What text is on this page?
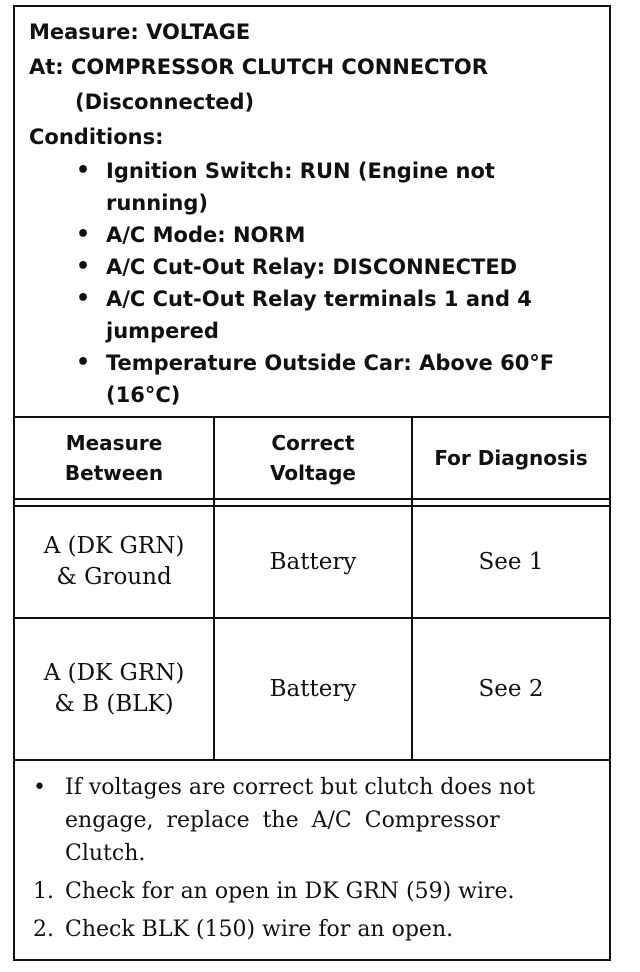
Measure: VOLTAGE
At: COMPRESSOR CLUTCH CONNECTOR
(Disconnected)
Conditions:
• Ignition Switch: RUN (Engine not
running)
• A/C Mode: NORM
• A/C Cut-Out Relay: DISCONNECTED
• A/C Cut-Out Relay terminals 1 and 4
jumpered
• Temperature Outside Car: Above 60°F
(16°C)
Measure
Between
Correct
Voltage
For Diagnosis
A (DK GRN)
& Ground
Battery	See 1
A (DK GRN)
& B (BLK)
Battery	See 2
• If voltages are correct but clutch does not
engage, replace the A/C Compressor
Clutch.
1. Check for an open in DK GRN (59) wire.
2. Check BLK (150) wire for an open.
